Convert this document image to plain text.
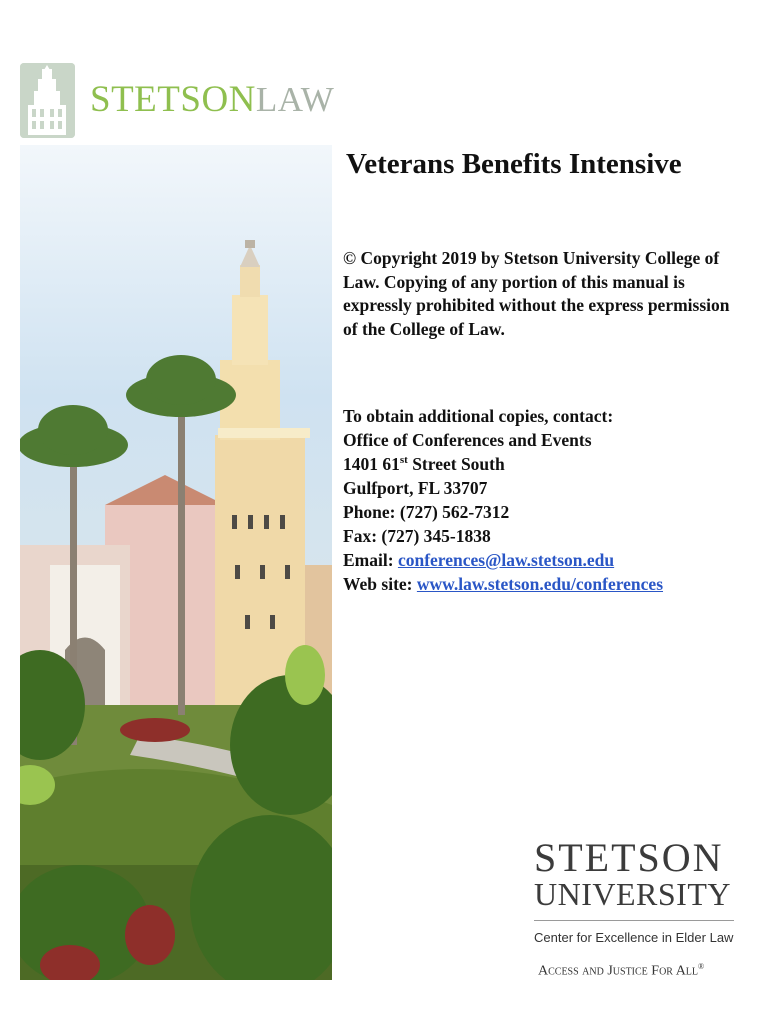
STETSONLAW
Veterans Benefits Intensive

© Copyright 2019 by Stetson University College of Law. Copying of any portion of this manual is expressly prohibited without the express permission of the College of Law.

To obtain additional copies, contact:
Office of Conferences and Events
1401 61st Street South
Gulfport, FL 33707
Phone: (727) 562-7312
Fax: (727) 345-1838
Email: conferences@law.stetson.edu
Web site: www.law.stetson.edu/conferences
STETSON
UNIVERSITY
Center for Excellence in Elder Law
Access and Justice For All®
